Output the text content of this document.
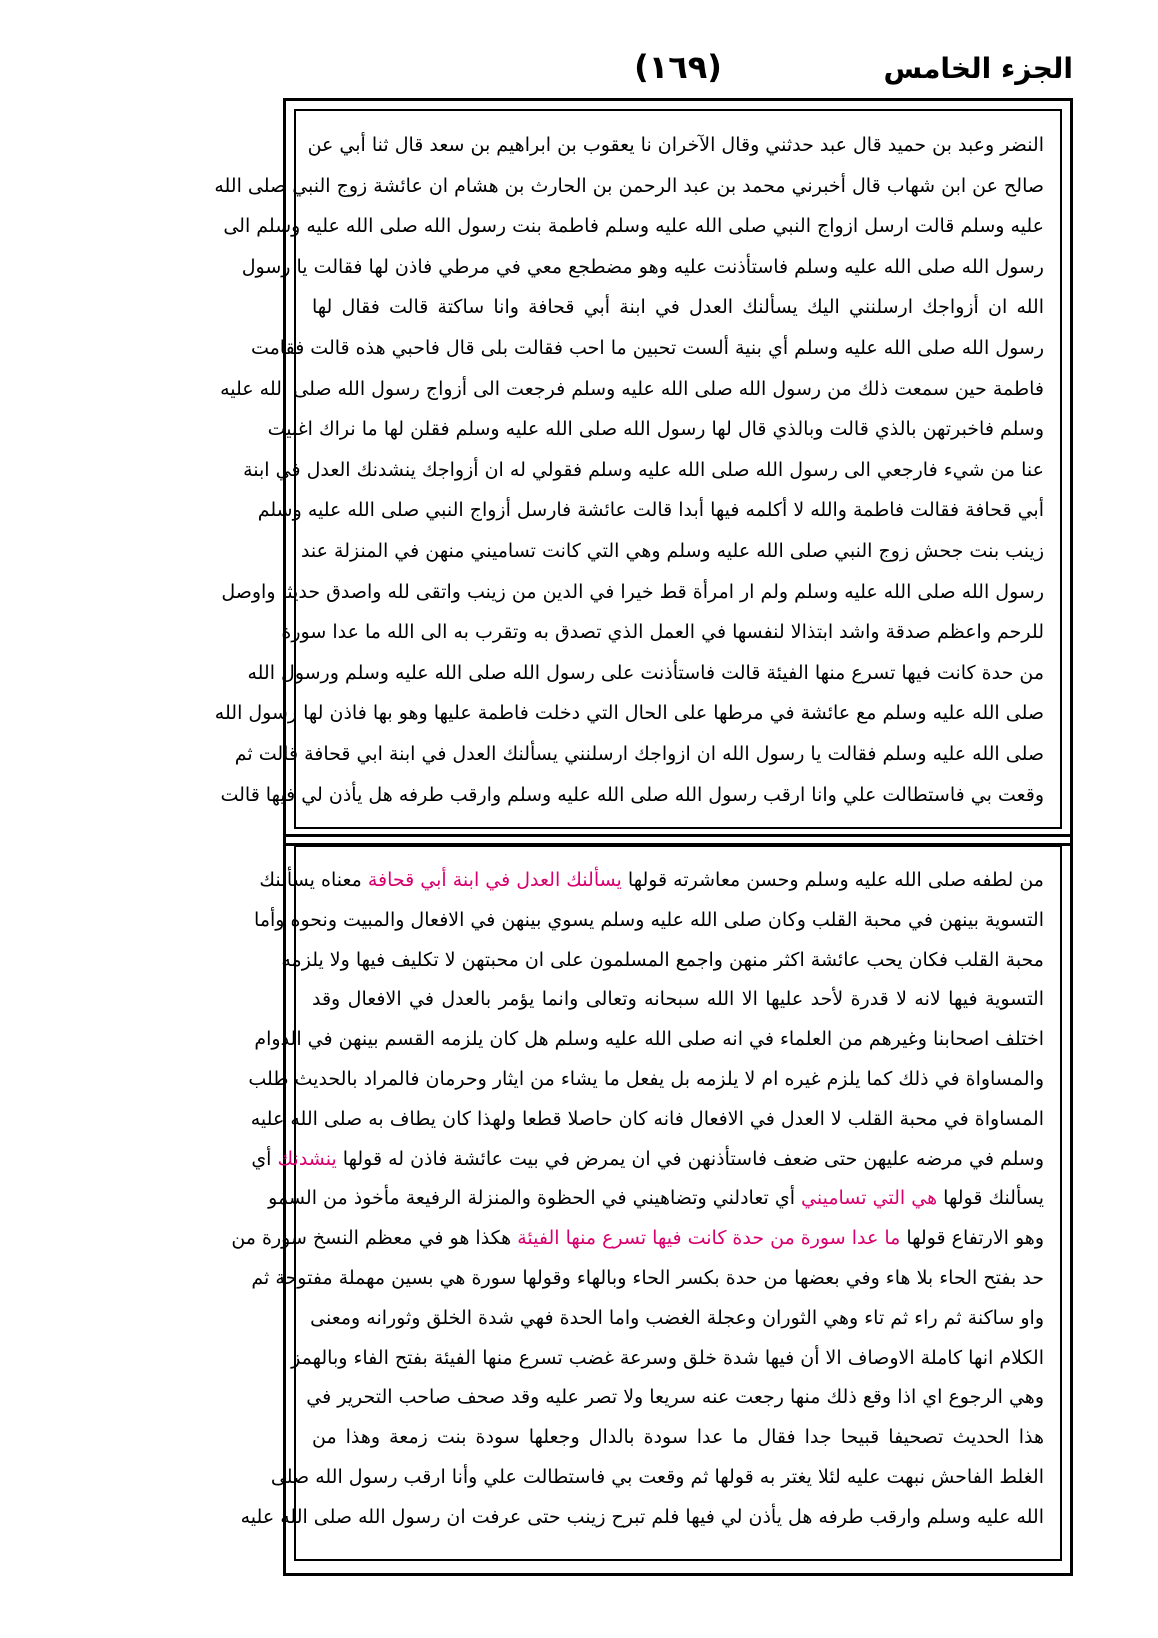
(١٦٩)	الجزء الخامس
النضر وعبد بن حميد قال عبد حدثني وقال الآخران نا يعقوب بن ابراهيم بن سعد قال ثنا أبي عن
صالح عن ابن شهاب قال أخبرني محمد بن عبد الرحمن بن الحارث بن هشام ان عائشة زوج النبي صلى الله
عليه وسلم قالت ارسل ازواج النبي صلى الله عليه وسلم فاطمة بنت رسول الله صلى الله عليه وسلم الى
رسول الله صلى الله عليه وسلم فاستأذنت عليه وهو مضطجع معي في مرطي فاذن لها فقالت يا رسول
الله ان أزواجك ارسلنني اليك يسألنك العدل في ابنة أبي قحافة وانا ساكتة قالت فقال لها
رسول الله صلى الله عليه وسلم أي بنية ألست تحبين ما احب فقالت بلى قال فاحبي هذه قالت فقامت
فاطمة حين سمعت ذلك من رسول الله صلى الله عليه وسلم فرجعت الى أزواج رسول الله صلى الله عليه
وسلم فاخبرتهن بالذي قالت وبالذي قال لها رسول الله صلى الله عليه وسلم فقلن لها ما نراك اغنيت
عنا من شيء فارجعي الى رسول الله صلى الله عليه وسلم فقولي له ان أزواجك ينشدنك العدل في ابنة
أبي قحافة فقالت فاطمة والله لا أكلمه فيها أبدا قالت عائشة فارسل أزواج النبي صلى الله عليه وسلم
زينب بنت جحش زوج النبي صلى الله عليه وسلم وهي التي كانت تساميني منهن في المنزلة عند
رسول الله صلى الله عليه وسلم ولم ار امرأة قط خيرا في الدين من زينب واتقى لله واصدق حديثا واوصل
للرحم واعظم صدقة واشد ابتذالا لنفسها في العمل الذي تصدق به وتقرب به الى الله ما عدا سورة
من حدة كانت فيها تسرع منها الفيئة قالت فاستأذنت على رسول الله صلى الله عليه وسلم ورسول الله
صلى الله عليه وسلم مع عائشة في مرطها على الحال التي دخلت فاطمة عليها وهو بها فاذن لها رسول الله
صلى الله عليه وسلم فقالت يا رسول الله ان ازواجك ارسلنني يسألنك العدل في ابنة ابي قحافة قالت ثم
وقعت بي فاستطالت علي وانا ارقب رسول الله صلى الله عليه وسلم وارقب طرفه هل يأذن لي فيها قالت
من لطفه صلى الله عليه وسلم وحسن معاشرته قولها يسألنك العدل في ابنة أبي قحافة معناه يسألنك
التسوية بينهن في محبة القلب وكان صلى الله عليه وسلم يسوي بينهن في الافعال والمبيت ونحوه وأما
محبة القلب فكان يحب عائشة اكثر منهن واجمع المسلمون على ان محبتهن لا تكليف فيها ولا يلزمه
التسوية فيها لانه لا قدرة لأحد عليها الا الله سبحانه وتعالى وانما يؤمر بالعدل في الافعال وقد
اختلف اصحابنا وغيرهم من العلماء في انه صلى الله عليه وسلم هل كان يلزمه القسم بينهن في الدوام
والمساواة في ذلك كما يلزم غيره ام لا يلزمه بل يفعل ما يشاء من ايثار وحرمان فالمراد بالحديث طلب
المساواة في محبة القلب لا العدل في الافعال فانه كان حاصلا قطعا ولهذا كان يطاف به صلى الله عليه
وسلم في مرضه عليهن حتى ضعف فاستأذنهن في ان يمرض في بيت عائشة فاذن له قولها ينشدنك أي
يسألنك قولها هي التي تساميني أي تعادلني وتضاهيني في الحظوة والمنزلة الرفيعة مأخوذ من السمو
وهو الارتفاع قولها ما عدا سورة من حدة كانت فيها تسرع منها الفيئة هكذا هو في معظم النسخ سورة من
حد بفتح الحاء بلا هاء وفي بعضها من حدة بكسر الحاء وبالهاء وقولها سورة هي بسين مهملة مفتوحة ثم
واو ساكنة ثم راء ثم تاء وهي الثوران وعجلة الغضب واما الحدة فهي شدة الخلق وثورانه ومعنى
الكلام انها كاملة الاوصاف الا أن فيها شدة خلق وسرعة غضب تسرع منها الفيئة بفتح الفاء وبالهمز
وهي الرجوع اي اذا وقع ذلك منها رجعت عنه سريعا ولا تصر عليه وقد صحف صاحب التحرير في
هذا الحديث تصحيفا قبيحا جدا فقال ما عدا سودة بالدال وجعلها سودة بنت زمعة وهذا من
الغلط الفاحش نبهت عليه لئلا يغتر به قولها ثم وقعت بي فاستطالت علي وأنا ارقب رسول الله صلى
الله عليه وسلم وارقب طرفه هل يأذن لي فيها فلم تبرح زينب حتى عرفت ان رسول الله صلى الله عليه
